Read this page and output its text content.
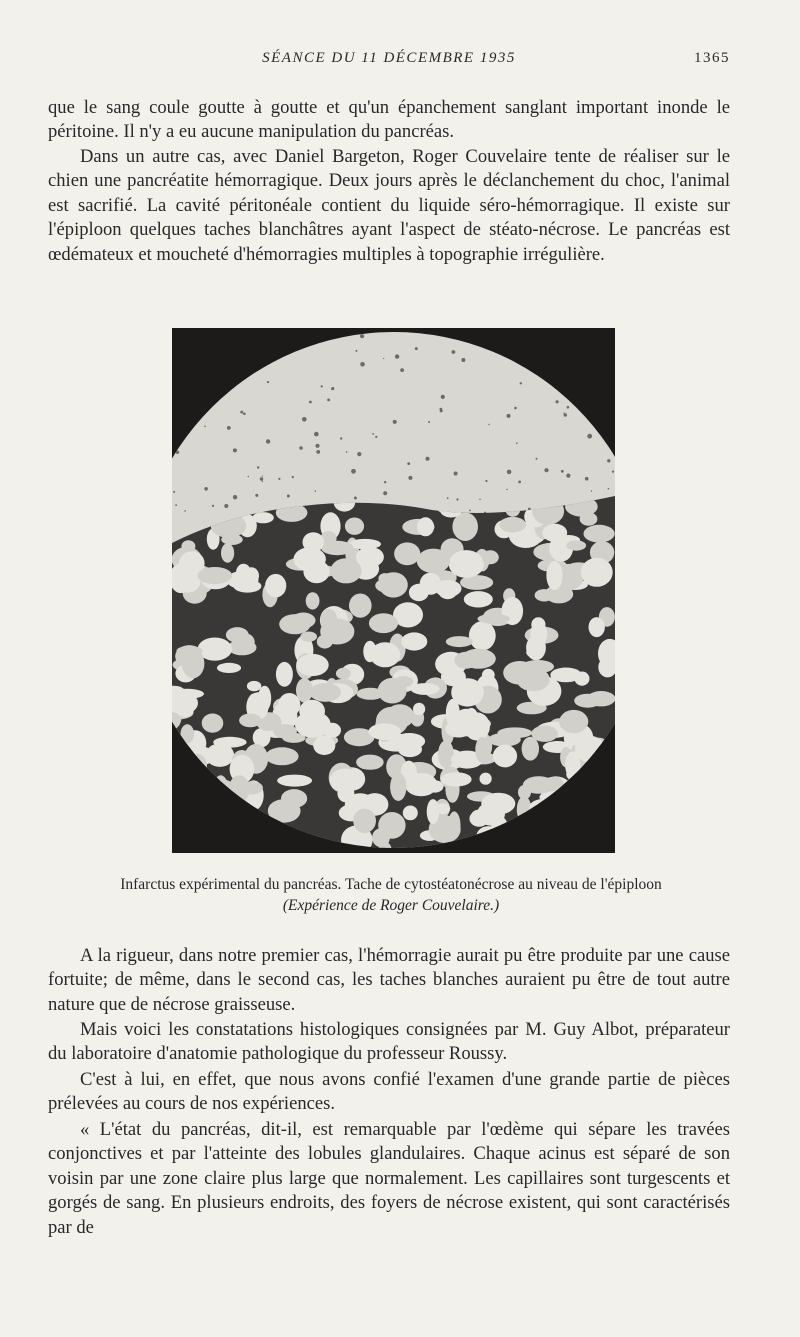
SÉANCE DU 11 DÉCEMBRE 1935	1365

que le sang coule goutte à goutte et qu'un épanchement sanglant important inonde le péritoine. Il n'y a eu aucune manipulation du pancréas.

Dans un autre cas, avec Daniel Bargeton, Roger Couvelaire tente de réaliser sur le chien une pancréatite hémorragique. Deux jours après le déclanchement du choc, l'animal est sacrifié. La cavité péritonéale contient du liquide séro-hémorragique. Il existe sur l'épiploon quelques taches blanchâtres ayant l'aspect de stéato-nécrose. Le pancréas est œdémateux et moucheté d'hémorragies multiples à topographie irrégulière.

Infarctus expérimental du pancréas. Tache de cytostéatonécrose au niveau de l'épiploon
(Expérience de Roger Couvelaire.)

A la rigueur, dans notre premier cas, l'hémorragie aurait pu être produite par une cause fortuite; de même, dans le second cas, les taches blanches auraient pu être de tout autre nature que de nécrose graisseuse.

Mais voici les constatations histologiques consignées par M. Guy Albot, préparateur du laboratoire d'anatomie pathologique du professeur Roussy.

C'est à lui, en effet, que nous avons confié l'examen d'une grande partie de pièces prélevées au cours de nos expériences.

« L'état du pancréas, dit-il, est remarquable par l'œdème qui sépare les travées conjonctives et par l'atteinte des lobules glandulaires. Chaque acinus est séparé de son voisin par une zone claire plus large que normalement. Les capillaires sont turgescents et gorgés de sang. En plusieurs endroits, des foyers de nécrose existent, qui sont caractérisés par de
